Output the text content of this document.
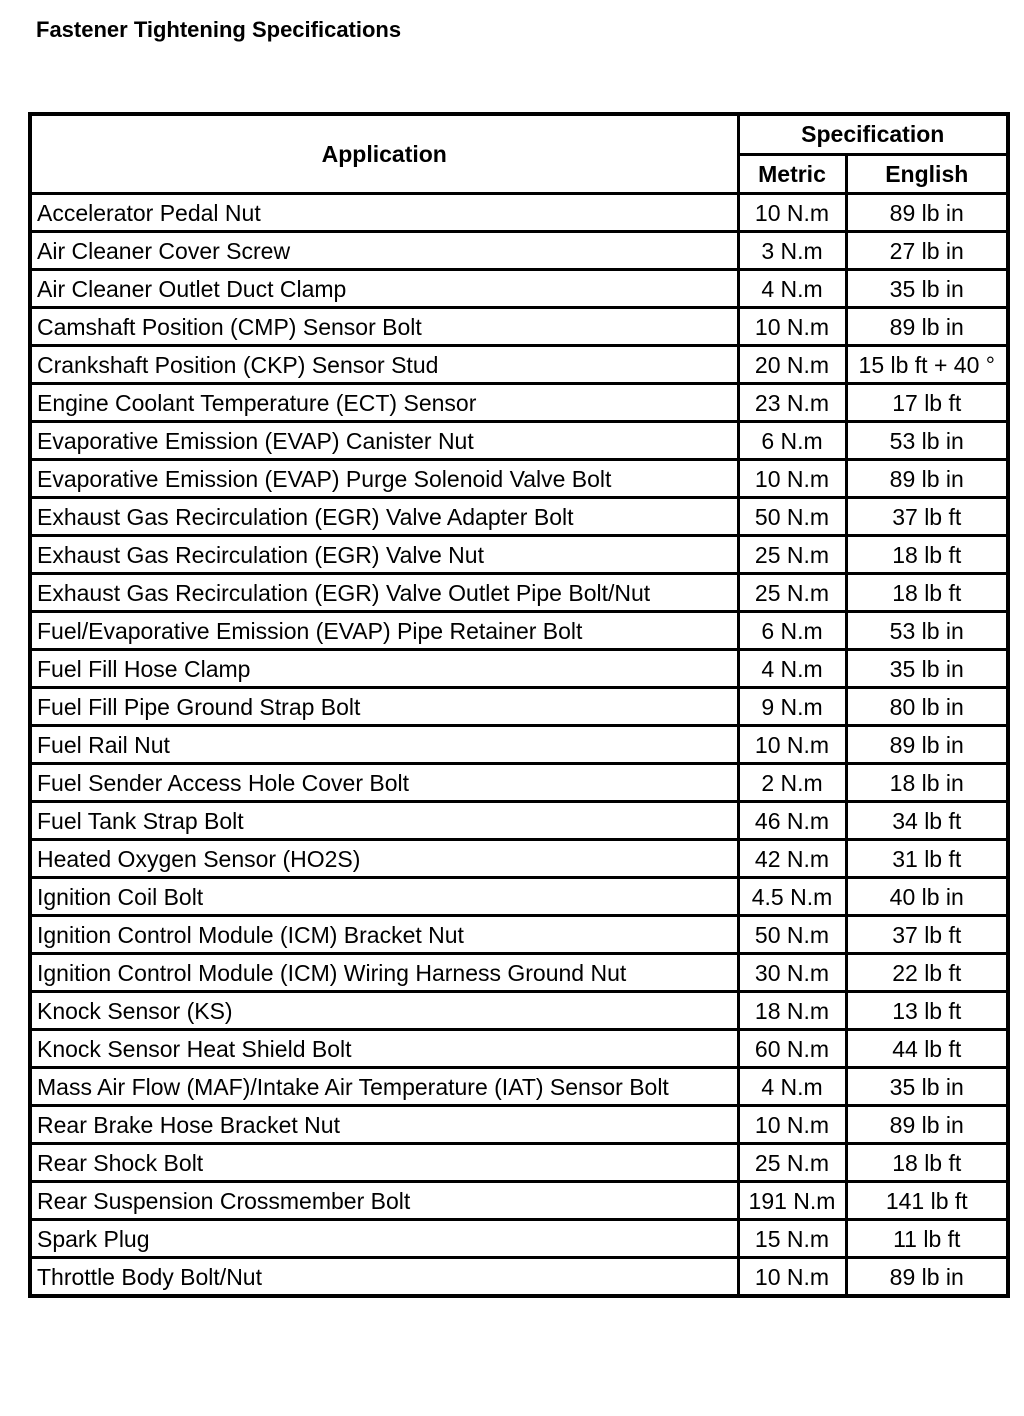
Fastener Tightening Specifications
Application	Specification	
	Metric	English
Accelerator Pedal Nut	10 N.m	89 lb in
Air Cleaner Cover Screw	3 N.m	27 lb in
Air Cleaner Outlet Duct Clamp	4 N.m	35 lb in
Camshaft Position (CMP) Sensor Bolt	10 N.m	89 lb in
Crankshaft Position (CKP) Sensor Stud	20 N.m	15 lb ft + 40 °
Engine Coolant Temperature (ECT) Sensor	23 N.m	17 lb ft
Evaporative Emission (EVAP) Canister Nut	6 N.m	53 lb in
Evaporative Emission (EVAP) Purge Solenoid Valve Bolt	10 N.m	89 lb in
Exhaust Gas Recirculation (EGR) Valve Adapter Bolt	50 N.m	37 lb ft
Exhaust Gas Recirculation (EGR) Valve Nut	25 N.m	18 lb ft
Exhaust Gas Recirculation (EGR) Valve Outlet Pipe Bolt/Nut	25 N.m	18 lb ft
Fuel/Evaporative Emission (EVAP) Pipe Retainer Bolt	6 N.m	53 lb in
Fuel Fill Hose Clamp	4 N.m	35 lb in
Fuel Fill Pipe Ground Strap Bolt	9 N.m	80 lb in
Fuel Rail Nut	10 N.m	89 lb in
Fuel Sender Access Hole Cover Bolt	2 N.m	18 lb in
Fuel Tank Strap Bolt	46 N.m	34 lb ft
Heated Oxygen Sensor (HO2S)	42 N.m	31 lb ft
Ignition Coil Bolt	4.5 N.m	40 lb in
Ignition Control Module (ICM) Bracket Nut	50 N.m	37 lb ft
Ignition Control Module (ICM) Wiring Harness Ground Nut	30 N.m	22 lb ft
Knock Sensor (KS)	18 N.m	13 lb ft
Knock Sensor Heat Shield Bolt	60 N.m	44 lb ft
Mass Air Flow (MAF)/Intake Air Temperature (IAT) Sensor Bolt	4 N.m	35 lb in
Rear Brake Hose Bracket Nut	10 N.m	89 lb in
Rear Shock Bolt	25 N.m	18 lb ft
Rear Suspension Crossmember Bolt	191 N.m	141 lb ft
Spark Plug	15 N.m	11 lb ft
Throttle Body Bolt/Nut	10 N.m	89 lb in
